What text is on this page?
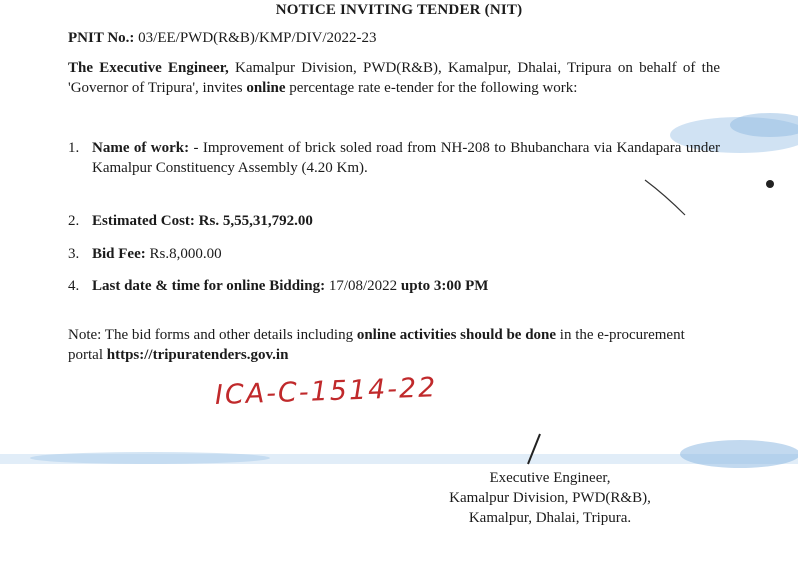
NOTICE INVITING TENDER (NIT)
PNIT No.: 03/EE/PWD(R&B)/KMP/DIV/2022-23
The Executive Engineer, Kamalpur Division, PWD(R&B), Kamalpur, Dhalai, Tripura on behalf of the 'Governor of Tripura', invites online percentage rate e-tender for the following work:
1. Name of work: - Improvement of brick soled road from NH-208 to Bhubanchara via Kandapara under Kamalpur Constituency Assembly (4.20 Km).
2. Estimated Cost: Rs. 5,55,31,792.00
3. Bid Fee: Rs.8,000.00
4. Last date & time for online Bidding: 17/08/2022 upto 3:00 PM
Note: The bid forms and other details including online activities should be done in the e-procurement portal https://tripuratenders.gov.in
ICA-C-1514-22
Executive Engineer,
Kamalpur Division, PWD(R&B),
Kamalpur, Dhalai, Tripura.
